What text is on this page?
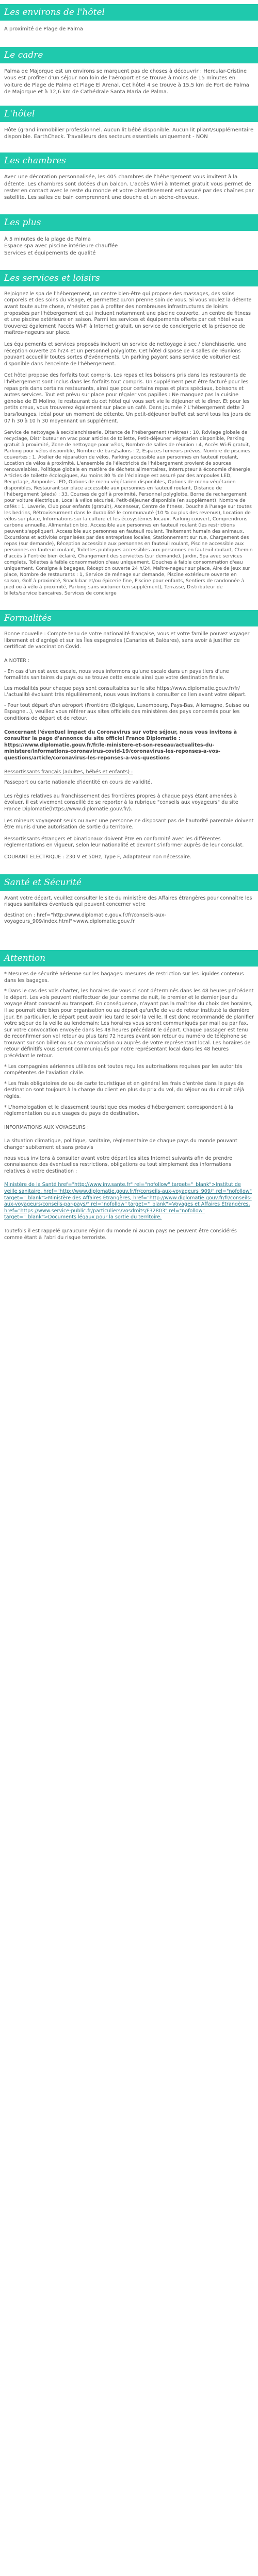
Les environs de l'hôtel

À proximité de Plage de Palma

Le cadre

Palma de Majorque est un environs se marquent pas de choses à découvrir : Hercular-Cristine vous est profiter d'un séjour non loin de l'aéroport et se trouve à moins de 15 minutes en voiture de Plage de Palma et Plage El Arenal. Cet hôtel 4 se trouve à 15,5 km de Port de Palma de Majorque et à 12,6 km de Cathédrale Santa María de Palma.

L'hôtel

Hôte (grand immobilier professionnel. Aucun lit bébé disponible. Aucun lit pliant/supplémentaire disponible. EarthCheck. Travailleurs des secteurs essentiels uniquement - NON

Les chambres

Avec une décoration personnalisée, les 405 chambres de l'hébergement vous invitent à la détente. Les chambres sont dotées d'un balcon. L'accès Wi-Fi à Internet gratuit vous permet de rester en contact avec le reste du monde et votre divertissement est assuré par des chaînes par satellite. Les salles de bain comprennent une douche et un sèche-cheveux.

Les plus

À 5 minutes de la plage de Palma

Espace spa avec piscine intérieure chauffée

Services et équipements de qualité

Les services et loisirs

Rejoignez le spa de l'hébergement, un centre bien-être qui propose des massages, des soins corporels et des soins du visage, et permettez qu'on prenne soin de vous. Si vous voulez la détente avant toute autre chose, n'hésitez pas à profiter des nombreuses infrastructures de loisirs proposées par l'hébergement et qui incluent notamment une piscine couverte, un centre de fitness et une piscine extérieure en saison. Parmi les services et équipements offerts par cet hôtel vous trouverez également l'accès Wi-Fi à Internet gratuit, un service de conciergerie et la présence de maîtres-nageurs sur place.

Les équipements et services proposés incluent un service de nettoyage à sec / blanchisserie, une réception ouverte 24 h/24 et un personnel polyglotte. Cet hôtel dispose de 4 salles de réunions pouvant accueillir toutes sortes d'événements. Un parking payant sans service de voiturier est disponible dans l'enceinte de l'hébergement.

Cet hôtel propose des forfaits tout compris. Les repas et les boissons pris dans les restaurants de l'hébergement sont inclus dans les forfaits tout compris. Un supplément peut être facturé pour les repas pris dans certains restaurants, ainsi que pour certains repas et plats spéciaux, boissons et autres services. Tout est prévu sur place pour régaler vos papilles : Ne manquez pas la cuisine génoise de El Molino, le restaurant du cet hôtel qui vous sert vie le déjeuner et le dîner. Et pour les petits creux, vous trouverez également sur place un café. Dans journée ? L'hébergement dette 2 bars/lounges, idéal pour un moment de détente. Un petit-déjeuner buffet est servi tous les jours de 07 h 30 à 10 h 30 moyennant un supplément.

Service de nettoyage à sec/blanchisserie, Ditance de l'hébergement (mètres) : 10, Rdvlage globale de recyclage, Distributeur en vrac pour articles de toilette, Petit-déjeuner végétarien disponible, Parking gratuit à proximité, Zone de nettoyage pour vélos, Nombre de salles de réunion : 4, Accès Wi-Fi gratuit, Parking pour vélos disponible, Nombre de bars/salons : 2, Espaces fumeurs prévus, Nombre de piscines couvertes : 1, Atelier de réparation de vélos, Parking accessible aux personnes en fauteuil roulant, Location de vélos à proximité, L'ensemble de l'électricité de l'hébergement provient de sources renouvelables, Politique globale en matière de déchets alimentaires, Interrupteur à économie d'énergie, Articles de toilette écologiques, Au moins 80 % de l'éclairage est assuré par des ampoules LED, Recyclage, Ampoules LED, Options de menu végétarien disponibles, Options de menu végétarien disponibles, Restaurant sur place accessible aux personnes en fauteuil roulant, Distance de l'hébergement (pieds) : 33, Courses de golf à proximité, Personnel polyglotte, Borne de rechargement pour voiture électrique, Local à vélos sécurisé, Petit-déjeuner disponible (en supplément), Nombre de cafés : 1, Laverie, Club pour enfants (gratuit), Ascenseur, Centre de fitness, Douche à l'usage sur toutes les bedrins, Rétroviseurment dans le durabilité le communauté (10 % ou plus des revenus), Location de vélos sur place, Informations sur la culture et les écosystèmes locaux, Parking couvert, Comprendrons carbone annuelle, Alimentation bio, Accessible aux personnes en fauteuil roulant (les restrictions peuvent s'appliquer), Accessible aux personnes en fauteuil roulant, Traitement humain des animaux, Excursions et activités organisées par des entreprises locales, Stationnement sur rue, Chargement des repas (sur demande), Réception accessible aux personnes en fauteuil roulant, Piscine accessible aux personnes en fauteuil roulant, Toilettes publiques accessibles aux personnes en fauteuil roulant, Chemin d'accès à l'entrée bien éclairé, Changement des serviettes (sur demande), Jardin, Spa avec services complets, Toilettes à faible consommation d'eau uniquement, Douches à faible consommation d'eau uniquement, Consigne à bagages, Réception ouverte 24 h/24, Maître-nageur sur place, Aire de jeux sur place, Nombre de restaurants : 1, Service de ménage sur demande, Piscine extérieure ouverte en saison, Golf à proximité, Snack-bar et/ou épicerie fine, Piscine pour enfants, Sentiers de randonnée à pied ou à vélo à proximité, Parking sans voiturier (en supplément), Terrasse, Distributeur de billets/service bancaires, Services de concierge

Formalités

Bonne nouvelle : Compte tenu de votre nationalité française, vous et votre famille pouvez voyager librement et d'agrégé et sur les Îles espagnoles (Canaries et Baléares), sans avoir à justifier de certificat de vaccination Covid.

A NOTER :

- En cas d'un est avec escale, nous vous informons qu'une escale dans un pays tiers d'une formalités sanitaires du pays ou se trouve cette escale ainsi que votre destination finale.

Les modalités pour chaque pays sont consultables sur le site https://www.diplomatie.gouv.fr/fr/ L'actualité évoluant très régulièrement, nous vous invitons à consulter ce lien avant votre départ.

- Pour tout départ d'un aéroport (Frontière (Belgique, Luxembourg, Pays-Bas, Allemagne, Suisse ou Espagne...), veuillez vous référer aux sites officiels des ministères des pays concernés pour les conditions de départ et de retour.

Concernant l'éventuel impact du Coronavirus sur votre séjour, nous vous invitons à consulter la page d'annonce du site officiel France Diplomatie : https://www.diplomatie.gouv.fr/fr/le-ministere-et-son-reseau/actualites-du-ministere/informations-coronavirus-covid-19/coronavirus-les-reponses-a-vos-questions/article/coronavirus-les-reponses-a-vos-questions

Ressortissants français (adultes, bébés et enfants) :

Passeport ou carte nationale d'identité en cours de validité.

Les règles relatives au franchissement des frontières propres à chaque pays étant amenées à évoluer, il est vivement conseillé de se reporter à la rubrique "conseils aux voyageurs" du site France Diplomatie(https://www.diplomatie.gouv.fr/).

Les mineurs voyageant seuls ou avec une personne ne disposant pas de l'autorité parentale doivent être munis d'une autorisation de sortie du territoire.

Ressortissants étrangers et binationaux doivent être en conformité avec les différentes réglementations en vigueur, selon leur nationalité et devront s'informer auprès de leur consulat.

COURANT ELECTRIQUE : 230 V et 50Hz, Type F, Adaptateur non nécessaire.

Santé et Sécurité

Avant votre départ, veuillez consulter le site du ministère des Affaires étrangères pour connaître les risques sanitaires éventuels qui peuvent concerner votre

destination : href="http://www.diplomatie.gouv.fr/fr/conseils-aux-voyageurs_909/index.html">www.diplomatie.gouv.fr

Attention

* Mesures de sécurité aérienne sur les bagages: mesures de restriction sur les liquides contenus dans les bagages.

* Dans le cas des vols charter, les horaires de vous ci sont déterminés dans les 48 heures précédent le départ. Les vols peuvent réeffectuer de jour comme de nuit, le premier et le dernier jour du voyage étant consacré au transport. En conséquence, n'ayant pas la maîtrise du choix des horaires, il se pourrait être bien pour organisation ou au départ qu'un/le de vu de retour instituté la dernière jour. En particulier, le départ peut avoir lieu tard le soir la veille. Il est donc recommandé de planifier votre séjour de la veille au lendemain; Les horaires vous seront communiqués par mail ou par fax, sur votre convocation envoyée dans les 48 heures précédant le départ. Chaque passager est tenu de reconfirmer son vol retour au plus tard 72 heures avant son retour ou numéro de téléphone se trouvant sur son billet ou sur sa convocation ou auprès de votre représentant local. Les horaires de retour définitifs vous seront communiqués par notre représentant local dans les 48 heures précédant le retour.

* Les compagnies aériennes utilisées ont toutes reçu les autorisations requises par les autorités compétentes de l'aviation civile.

* Les frais obligatoires de ou de carte touristique et en général les frais d'entrée dans le pays de destination sont toujours à la charge du client en plus du prix du vol, du séjour ou du circuit déjà réglés.

* L'homologation et le classement touristique des modes d'hébergement correspondent à la réglementation ou aux usages du pays de destination.

INFORMATIONS AUX VOYAGEURS :

La situation climatique, politique, sanitaire, réglementaire de chaque pays du monde pouvant changer subitement et sans préavis

nous vous invitons à consulter avant votre départ les sites Internet suivants afin de prendre connaissance des éventuelles restrictions, obligations ou tout simplement des informations relatives à votre destination :

Ministère de la Santé href="http://www.inv.sante.fr" rel="nofollow" target="_blank">Institut de veille sanitaire, href="http://www.diplomatie.gouv.fr/fr/conseils-aux-voyageurs_909/" rel="nofollow" target="_blank">Ministère des Affaires Étrangères, href="http://www.diplomatie.gouv.fr/fr/conseils-aux-voyageurs/conseils-par-pays/" rel="nofollow" target="_blank">Voyages et Affaires Étrangères, href="https://www.service-public.fr/particuliers/vosdroits/F32803" rel="nofollow" target="_blank">Documents légaux pour la sortie du territoire.

Toutefois il est rappelé qu'aucune région du monde ni aucun pays ne peuvent être considérés comme étant à l'abri du risque terroriste.
